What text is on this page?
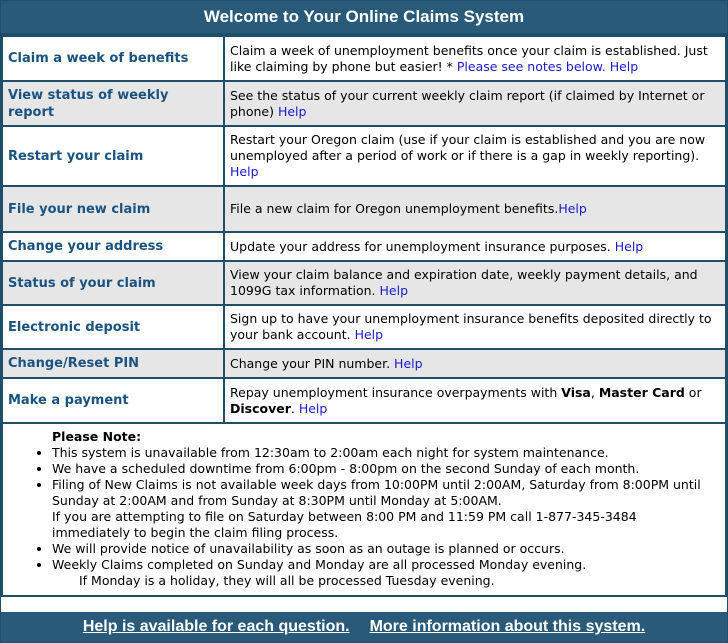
Welcome to Your Online Claims System
Claim a week of benefits	Claim a week of unemployment benefits once your claim is established. Just like claiming by phone but easier! * Please see notes below. Help
View status of weekly report	See the status of your current weekly claim report (if claimed by Internet or phone) Help
Restart your claim	Restart your Oregon claim (use if your claim is established and you are now unemployed after a period of work or if there is a gap in weekly reporting). Help
File your new claim	File a new claim for Oregon unemployment benefits.Help
Change your address	Update your address for unemployment insurance purposes. Help
Status of your claim	View your claim balance and expiration date, weekly payment details, and 1099G tax information. Help
Electronic deposit	Sign up to have your unemployment insurance benefits deposited directly to your bank account. Help
Change/Reset PIN	Change your PIN number. Help
Make a payment	Repay unemployment insurance overpayments with Visa, Master Card or Discover. Help
Please Note:
• This system is unavailable from 12:30am to 2:00am each night for system maintenance.
• We have a scheduled downtime from 6:00pm - 8:00pm on the second Sunday of each month.
• Filing of New Claims is not available week days from 10:00PM until 2:00AM, Saturday from 8:00PM until Sunday at 2:00AM and from Sunday at 8:30PM until Monday at 5:00AM.
If you are attempting to file on Saturday between 8:00 PM and 11:59 PM call 1-877-345-3484 immediately to begin the claim filing process.
• We will provide notice of unavailability as soon as an outage is planned or occurs.
• Weekly Claims completed on Sunday and Monday are all processed Monday evening.
If Monday is a holiday, they will all be processed Tuesday evening.
Help is available for each question. More information about this system.
